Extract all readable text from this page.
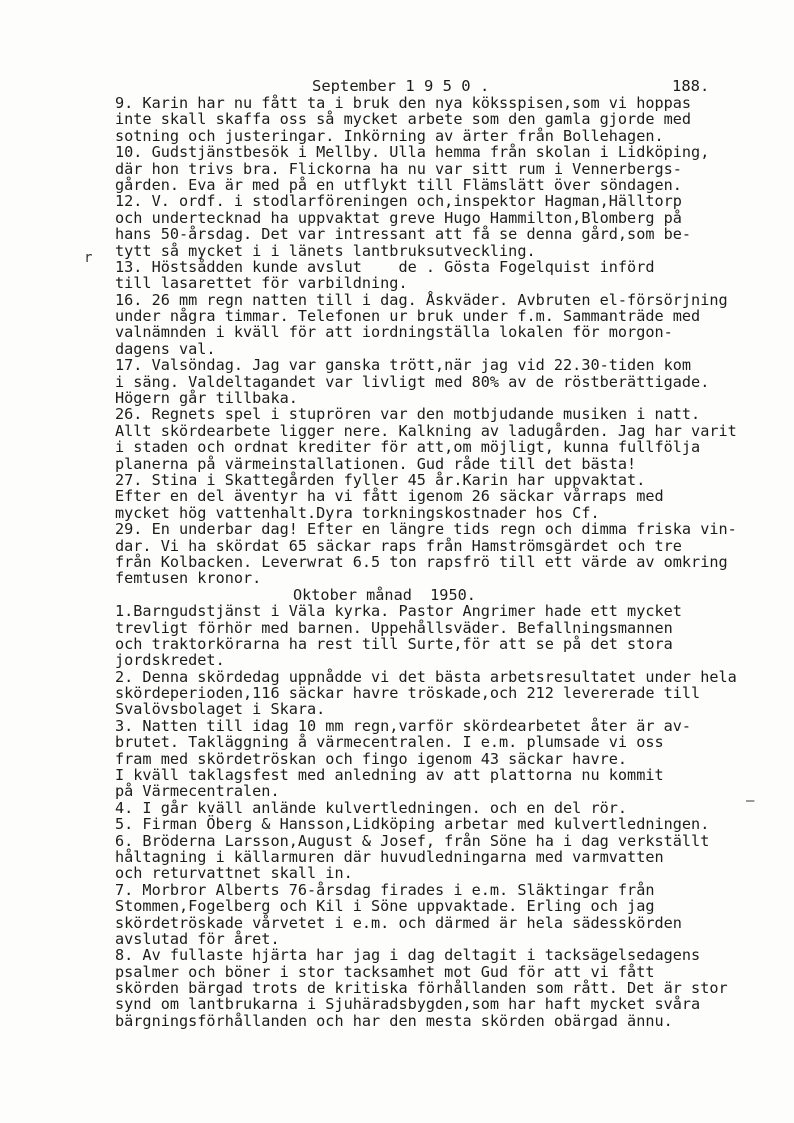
September 1 9 5 0 .	188.
r
–
9. Karin har nu fått ta i bruk den nya köksspisen,som vi hoppas
inte skall skaffa oss så mycket arbete som den gamla gjorde med
sotning och justeringar. Inkörning av ärter från Bollehagen.
10. Gudstjänstbesök i Mellby. Ulla hemma från skolan i Lidköping,
där hon trivs bra. Flickorna ha nu var sitt rum i Vennerbergs-
gården. Eva är med på en utflykt till Flämslätt över söndagen.
12. V. ordf. i stodlarföreningen och,inspektor Hagman,Hälltorp
och undertecknad ha uppvaktat greve Hugo Hammilton,Blomberg på
hans 50-årsdag. Det var intressant att få se denna gård,som be-
tytt så mycket i i länets lantbruksutveckling.
13. Höstsådden kunde avslut    de . Gösta Fogelquist införd
till lasarettet för varbildning.
16. 26 mm regn natten till i dag. Åskväder. Avbruten el-försörjning
under några timmar. Telefonen ur bruk under f.m. Sammanträde med
valnämnden i kväll för att iordningställa lokalen för morgon-
dagens val.
17. Valsöndag. Jag var ganska trött,när jag vid 22.30-tiden kom
i säng. Valdeltagandet var livligt med 80% av de röstberättigade.
Högern går tillbaka.
26. Regnets spel i stuprören var den motbjudande musiken i natt.
Allt skördearbete ligger nere. Kalkning av ladugården. Jag har varit
i staden och ordnat krediter för att,om möjligt, kunna fullfölja
planerna på värmeinstallationen. Gud råde till det bästa!
27. Stina i Skattegården fyller 45 år.Karin har uppvaktat.
Efter en del äventyr ha vi fått igenom 26 säckar vårraps med
mycket hög vattenhalt.Dyra torkningskostnader hos Cf.
29. En underbar dag! Efter en längre tids regn och dimma friska vin-
dar. Vi ha skördat 65 säckar raps från Hamströmsgärdet och tre
från Kolbacken. Leverwrat 6.5 ton rapsfrö till ett värde av omkring
femtusen kronor.
Oktober månad  1950.
1.Barngudstjänst i Väla kyrka. Pastor Angrimer hade ett mycket
trevligt förhör med barnen. Uppehållsväder. Befallningsmannen
och traktorkörarna ha rest till Surte,för att se på det stora
jordskredet.
2. Denna skördedag uppnådde vi det bästa arbetsresultatet under hela
skördeperioden,116 säckar havre tröskade,och 212 levererade till
Svalövsbolaget i Skara.
3. Natten till idag 10 mm regn,varför skördearbetet åter är av-
brutet. Takläggning å värmecentralen. I e.m. plumsade vi oss
fram med skördetröskan och fingo igenom 43 säckar havre.
I kväll taklagsfest med anledning av att plattorna nu kommit
på Värmecentralen.
4. I går kväll anlände kulvertledningen. och en del rör.
5. Firman Öberg & Hansson,Lidköping arbetar med kulvertledningen.
6. Bröderna Larsson,August & Josef, från Söne ha i dag verkställt
håltagning i källarmuren där huvudledningarna med varmvatten
och returvattnet skall in.
7. Morbror Alberts 76-årsdag firades i e.m. Släktingar från
Stommen,Fogelberg och Kil i Söne uppvaktade. Erling och jag
skördetröskade vårvetet i e.m. och därmed är hela sädesskörden
avslutad för året.
8. Av fullaste hjärta har jag i dag deltagit i tacksägelsedagens
psalmer och böner i stor tacksamhet mot Gud för att vi fått
skörden bärgad trots de kritiska förhållanden som rått. Det är stor
synd om lantbrukarna i Sjuhäradsbygden,som har haft mycket svåra
bärgningsförhållanden och har den mesta skörden obärgad ännu.
